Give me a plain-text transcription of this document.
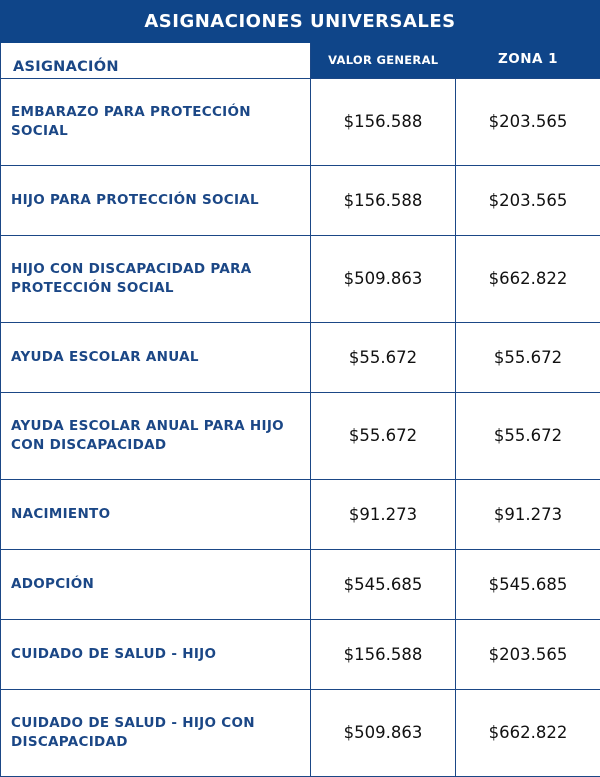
ASIGNACIONES UNIVERSALES
ASIGNACIÓN	VALOR GENERAL	ZONA 1
EMBARAZO PARA PROTECCIÓN SOCIAL	$156.588	$203.565
HIJO PARA PROTECCIÓN SOCIAL	$156.588	$203.565
HIJO CON DISCAPACIDAD PARA PROTECCIÓN SOCIAL	$509.863	$662.822
AYUDA ESCOLAR ANUAL	$55.672	$55.672
AYUDA ESCOLAR ANUAL PARA HIJO CON DISCAPACIDAD	$55.672	$55.672
NACIMIENTO	$91.273	$91.273
ADOPCIÓN	$545.685	$545.685
CUIDADO DE SALUD - HIJO	$156.588	$203.565
CUIDADO DE SALUD - HIJO CON DISCAPACIDAD	$509.863	$662.822
